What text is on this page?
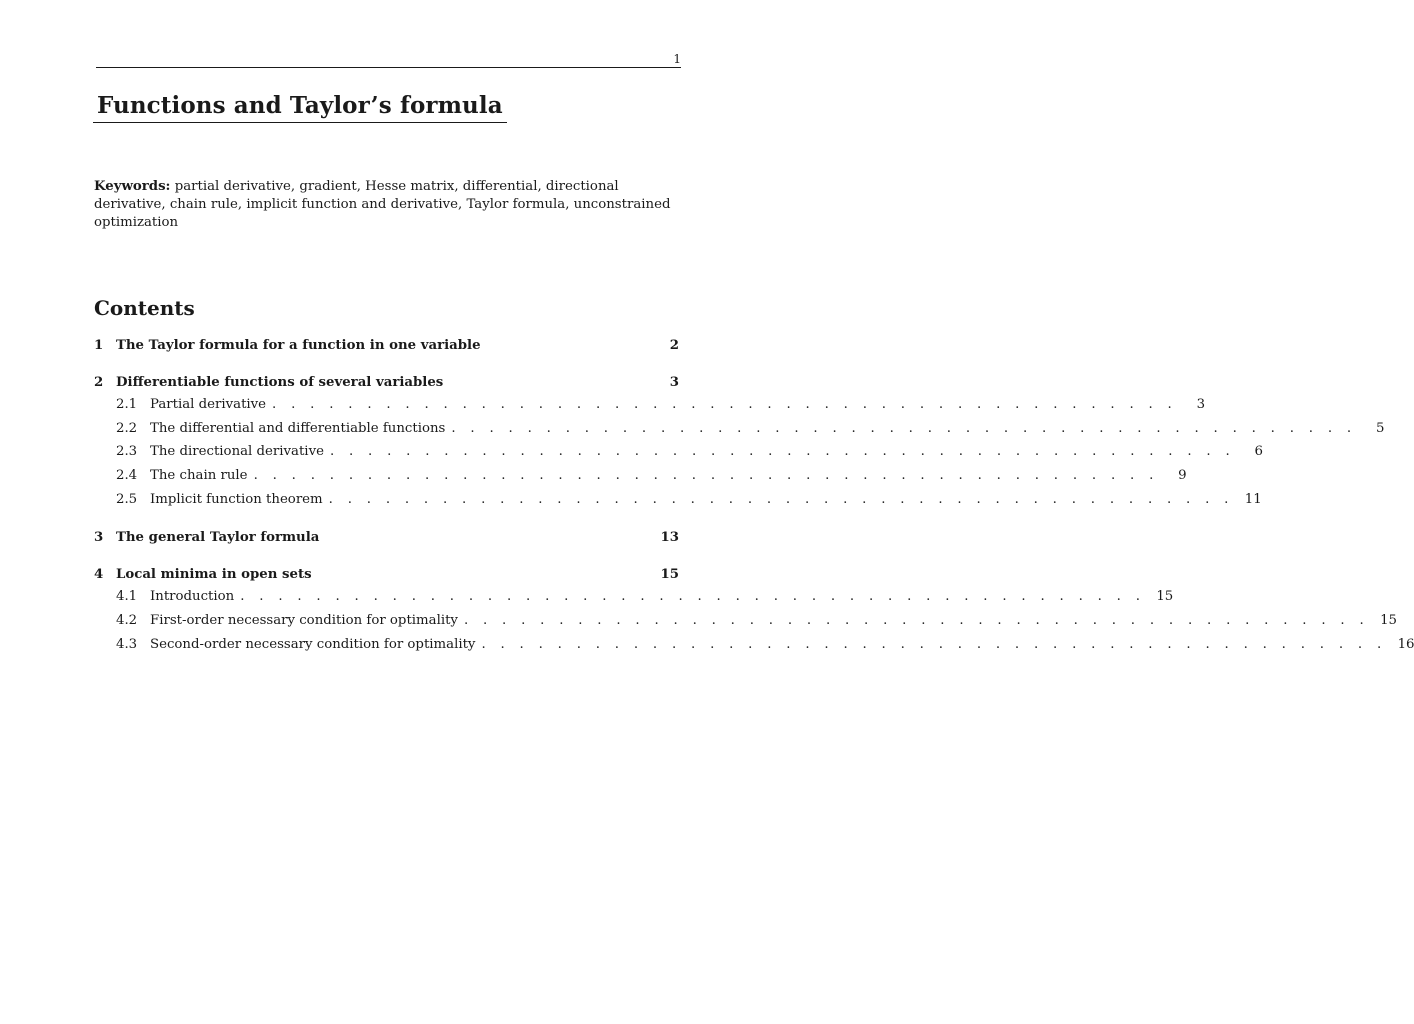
1
Functions and Taylor’s formula
Keywords: partial derivative, gradient, Hesse matrix, differential, directional derivative, chain rule, implicit function and derivative, Taylor formula, unconstrained optimization
Contents
1 The Taylor formula for a function in one variable	2
2 Differentiable functions of several variables	3
2.1 Partial derivative . . . . . . . . . . . . . . . . . . . . . . . . . . . . . . . . . . . . . . . . . . . . . . . .	3
2.2 The differential and differentiable functions . . . . . . . . . . . . . . . . . . . . . . . . . . . . . . . . . . . . . . . . . . . . . . . .	5
2.3 The directional derivative . . . . . . . . . . . . . . . . . . . . . . . . . . . . . . . . . . . . . . . . . . . . . . . .	6
2.4 The chain rule . . . . . . . . . . . . . . . . . . . . . . . . . . . . . . . . . . . . . . . . . . . . . . . .	9
2.5 Implicit function theorem . . . . . . . . . . . . . . . . . . . . . . . . . . . . . . . . . . . . . . . . . . . . . . . . 11
3 The general Taylor formula	13
4 Local minima in open sets	15
4.1 Introduction . . . . . . . . . . . . . . . . . . . . . . . . . . . . . . . . . . . . . . . . . . . . . . . . 15
4.2 First-order necessary condition for optimality . . . . . . . . . . . . . . . . . . . . . . . . . . . . . . . . . . . . . . . . . . . . . . . . 15
4.3 Second-order necessary condition for optimality . . . . . . . . . . . . . . . . . . . . . . . . . . . . . . . . . . . . . . . . . . . . . . . . 16
